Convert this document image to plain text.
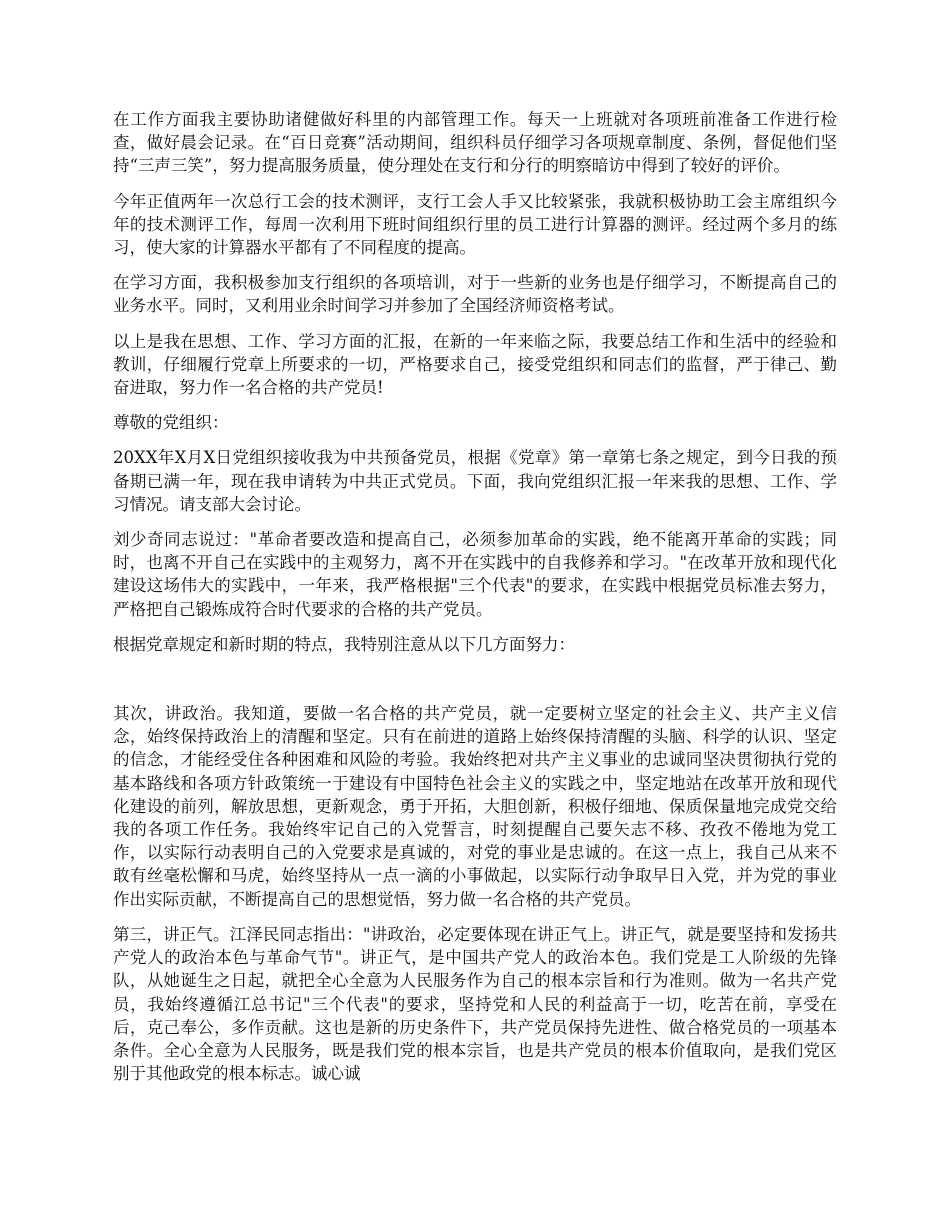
在工作方面我主要协助诸健做好科里的内部管理工作。每天一上班就对各项班前准备工作进行检查，做好晨会记录。在“百日竞赛”活动期间，组织科员仔细学习各项规章制度、条例，督促他们坚持“三声三笑”，努力提高服务质量，使分理处在支行和分行的明察暗访中得到了较好的评价。

今年正值两年一次总行工会的技术测评，支行工会人手又比较紧张，我就积极协助工会主席组织今年的技术测评工作，每周一次利用下班时间组织行里的员工进行计算器的测评。经过两个多月的练习，使大家的计算器水平都有了不同程度的提高。

在学习方面，我积极参加支行组织的各项培训，对于一些新的业务也是仔细学习，不断提高自己的业务水平。同时，又利用业余时间学习并参加了全国经济师资格考试。

以上是我在思想、工作、学习方面的汇报，在新的一年来临之际，我要总结工作和生活中的经验和教训，仔细履行党章上所要求的一切，严格要求自己，接受党组织和同志们的监督，严于律己、勤奋进取，努力作一名合格的共产党员!

尊敬的党组织：

20XX年X月X日党组织接收我为中共预备党员，根据《党章》第一章第七条之规定，到今日我的预备期已满一年，现在我申请转为中共正式党员。下面，我向党组织汇报一年来我的思想、工作、学习情况。请支部大会讨论。

刘少奇同志说过："革命者要改造和提高自己，必须参加革命的实践，绝不能离开革命的实践；同时，也离不开自己在实践中的主观努力，离不开在实践中的自我修养和学习。"在改革开放和现代化建设这场伟大的实践中，一年来，我严格根据"三个代表"的要求，在实践中根据党员标准去努力，严格把自己锻炼成符合时代要求的合格的共产党员。

根据党章规定和新时期的特点，我特别注意从以下几方面努力：

其次，讲政治。我知道，要做一名合格的共产党员，就一定要树立坚定的社会主义、共产主义信念，始终保持政治上的清醒和坚定。只有在前进的道路上始终保持清醒的头脑、科学的认识、坚定的信念，才能经受住各种困难和风险的考验。我始终把对共产主义事业的忠诚同坚决贯彻执行党的基本路线和各项方针政策统一于建设有中国特色社会主义的实践之中，坚定地站在改革开放和现代化建设的前列，解放思想，更新观念，勇于开拓，大胆创新，积极仔细地、保质保量地完成党交给我的各项工作任务。我始终牢记自己的入党誓言，时刻提醒自己要矢志不移、孜孜不倦地为党工作，以实际行动表明自己的入党要求是真诚的，对党的事业是忠诚的。在这一点上，我自己从来不敢有丝毫松懈和马虎，始终坚持从一点一滴的小事做起，以实际行动争取早日入党，并为党的事业作出实际贡献，不断提高自己的思想觉悟，努力做一名合格的共产党员。

第三，讲正气。江泽民同志指出："讲政治，必定要体现在讲正气上。讲正气，就是要坚持和发扬共产党人的政治本色与革命气节"。讲正气，是中国共产党人的政治本色。我们党是工人阶级的先锋队，从她诞生之日起，就把全心全意为人民服务作为自己的根本宗旨和行为准则。做为一名共产党员，我始终遵循江总书记"三个代表"的要求，坚持党和人民的利益高于一切，吃苦在前，享受在后，克己奉公，多作贡献。这也是新的历史条件下，共产党员保持先进性、做合格党员的一项基本条件。全心全意为人民服务，既是我们党的根本宗旨，也是共产党员的根本价值取向，是我们党区别于其他政党的根本标志。诚心诚
